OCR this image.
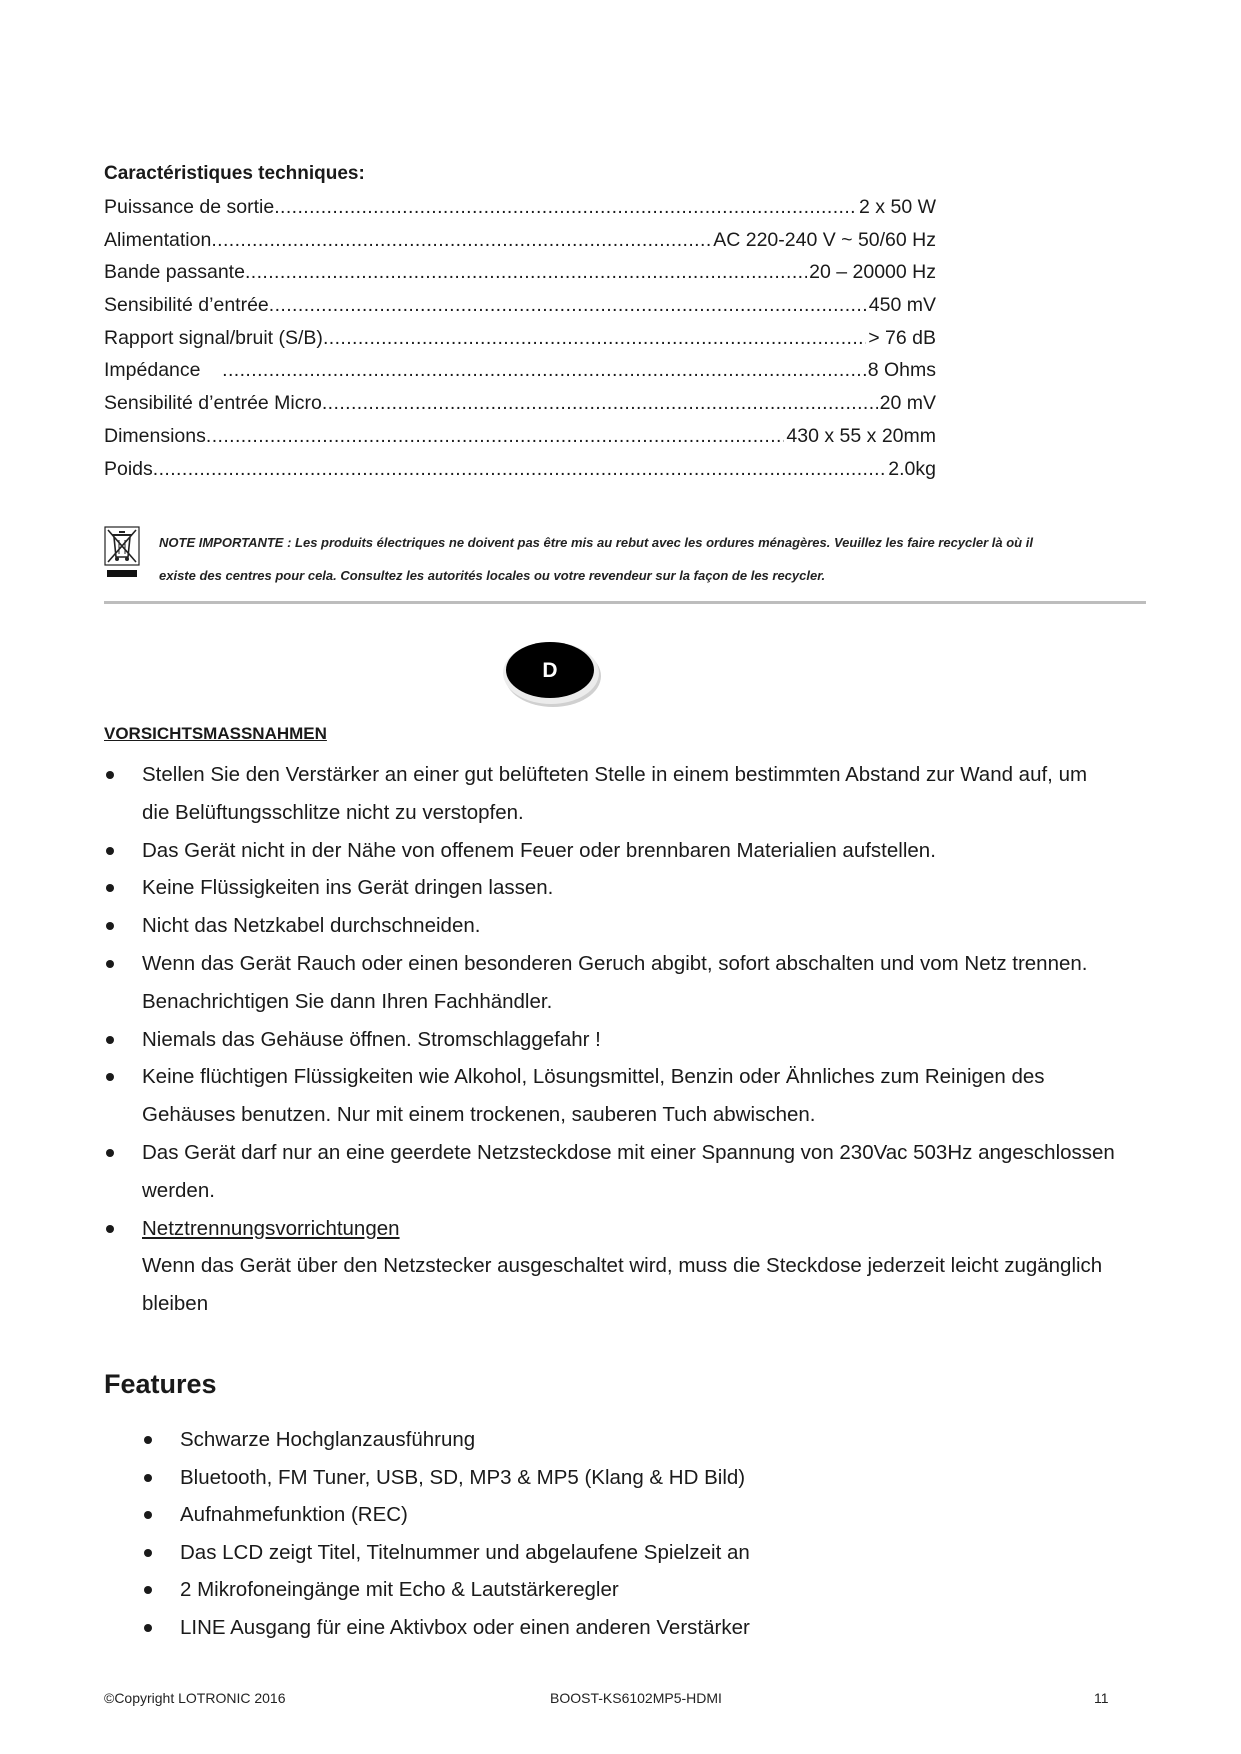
Caractéristiques techniques:
Puissance de sortie .....	2 x 50 W
Alimentation .....	AC 220-240 V ~ 50/60 Hz
Bande passante .....	20 – 20000 Hz
Sensibilité d’entrée .....	450 mV
Rapport signal/bruit (S/B) .....	> 76 dB
Impédance .....	8 Ohms
Sensibilité d’entrée Micro .....	20 mV
Dimensions .....	430 x 55 x 20mm
Poids .....	2.0kg
NOTE IMPORTANTE : Les produits électriques ne doivent pas être mis au rebut avec les ordures ménagères. Veuillez les faire recycler là où il
existe des centres pour cela. Consultez les autorités locales ou votre revendeur sur la façon de les recycler.
D
VORSICHTSMASSNAHMEN
Stellen Sie den Verstärker an einer gut belüfteten Stelle in einem bestimmten Abstand zur Wand auf, um
die Belüftungsschlitze nicht zu verstopfen.
Das Gerät nicht in der Nähe von offenem Feuer oder brennbaren Materialien aufstellen.
Keine Flüssigkeiten ins Gerät dringen lassen.
Nicht das Netzkabel durchschneiden.
Wenn das Gerät Rauch oder einen besonderen Geruch abgibt, sofort abschalten und vom Netz trennen.
Benachrichtigen Sie dann Ihren Fachhändler.
Niemals das Gehäuse öffnen. Stromschlaggefahr !
Keine flüchtigen Flüssigkeiten wie Alkohol, Lösungsmittel, Benzin oder Ähnliches zum Reinigen des
Gehäuses benutzen. Nur mit einem trockenen, sauberen Tuch abwischen.
Das Gerät darf nur an eine geerdete Netzsteckdose mit einer Spannung von 230Vac 503Hz angeschlossen
werden.
Netztrennungsvorrichtungen
Wenn das Gerät über den Netzstecker ausgeschaltet wird, muss die Steckdose jederzeit leicht zugänglich
bleiben
Features
Schwarze Hochglanzausführung
Bluetooth, FM Tuner, USB, SD, MP3 & MP5 (Klang & HD Bild)
Aufnahmefunktion (REC)
Das LCD zeigt Titel, Titelnummer und abgelaufene Spielzeit an
2 Mikrofoneingänge mit Echo & Lautstärkeregler
LINE Ausgang für eine Aktivbox oder einen anderen Verstärker
©Copyright LOTRONIC 2016	BOOST-KS6102MP5-HDMI	11
